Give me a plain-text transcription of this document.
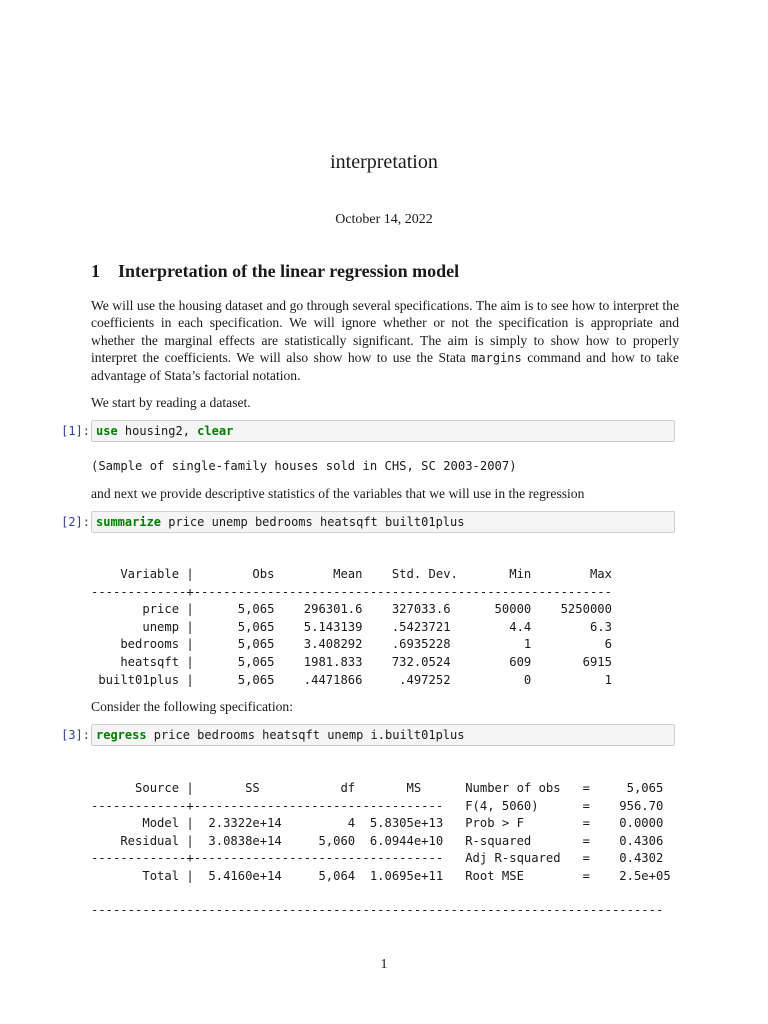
interpretation
October 14, 2022
1 Interpretation of the linear regression model
We will use the housing dataset and go through several specifications. The aim is to see how to interpret the coefficients in each specification. We will ignore whether or not the specification is appropriate and whether the marginal effects are statistically significant. The aim is simply to show how to properly interpret the coefficients. We will also show how to use the Stata margins command and how to take advantage of Stata’s factorial notation.
We start by reading a dataset.
[1]: use housing2, clear
(Sample of single-family houses sold in CHS, SC 2003-2007)
and next we provide descriptive statistics of the variables that we will use in the regression
[2]: summarize price unemp bedrooms heatsqft built01plus
Variable |        Obs        Mean    Std. Dev.       Min        Max
-------------+---------------------------------------------------------
price |      5,065    296301.6    327033.6      50000    5250000
unemp |      5,065    5.143139    .5423721        4.4        6.3
bedrooms |      5,065    3.408292    .6935228          1          6
heatsqft |      5,065    1981.833    732.0524        609       6915
built01plus |      5,065    .4471866     .497252          0          1
Consider the following specification:
[3]: regress price bedrooms heatsqft unemp i.built01plus
Source |       SS           df       MS      Number of obs   =     5,065
-------------+----------------------------------   F(4, 5060)      =    956.70
Model |  2.3322e+14         4  5.8305e+13   Prob > F        =    0.0000
Residual |  3.0838e+14     5,060  6.0944e+10   R-squared       =    0.4306
-------------+----------------------------------   Adj R-squared   =    0.4302
Total |  5.4160e+14     5,064  1.0695e+11   Root MSE        =    2.5e+05
------------------------------------------------------------------------------
1
